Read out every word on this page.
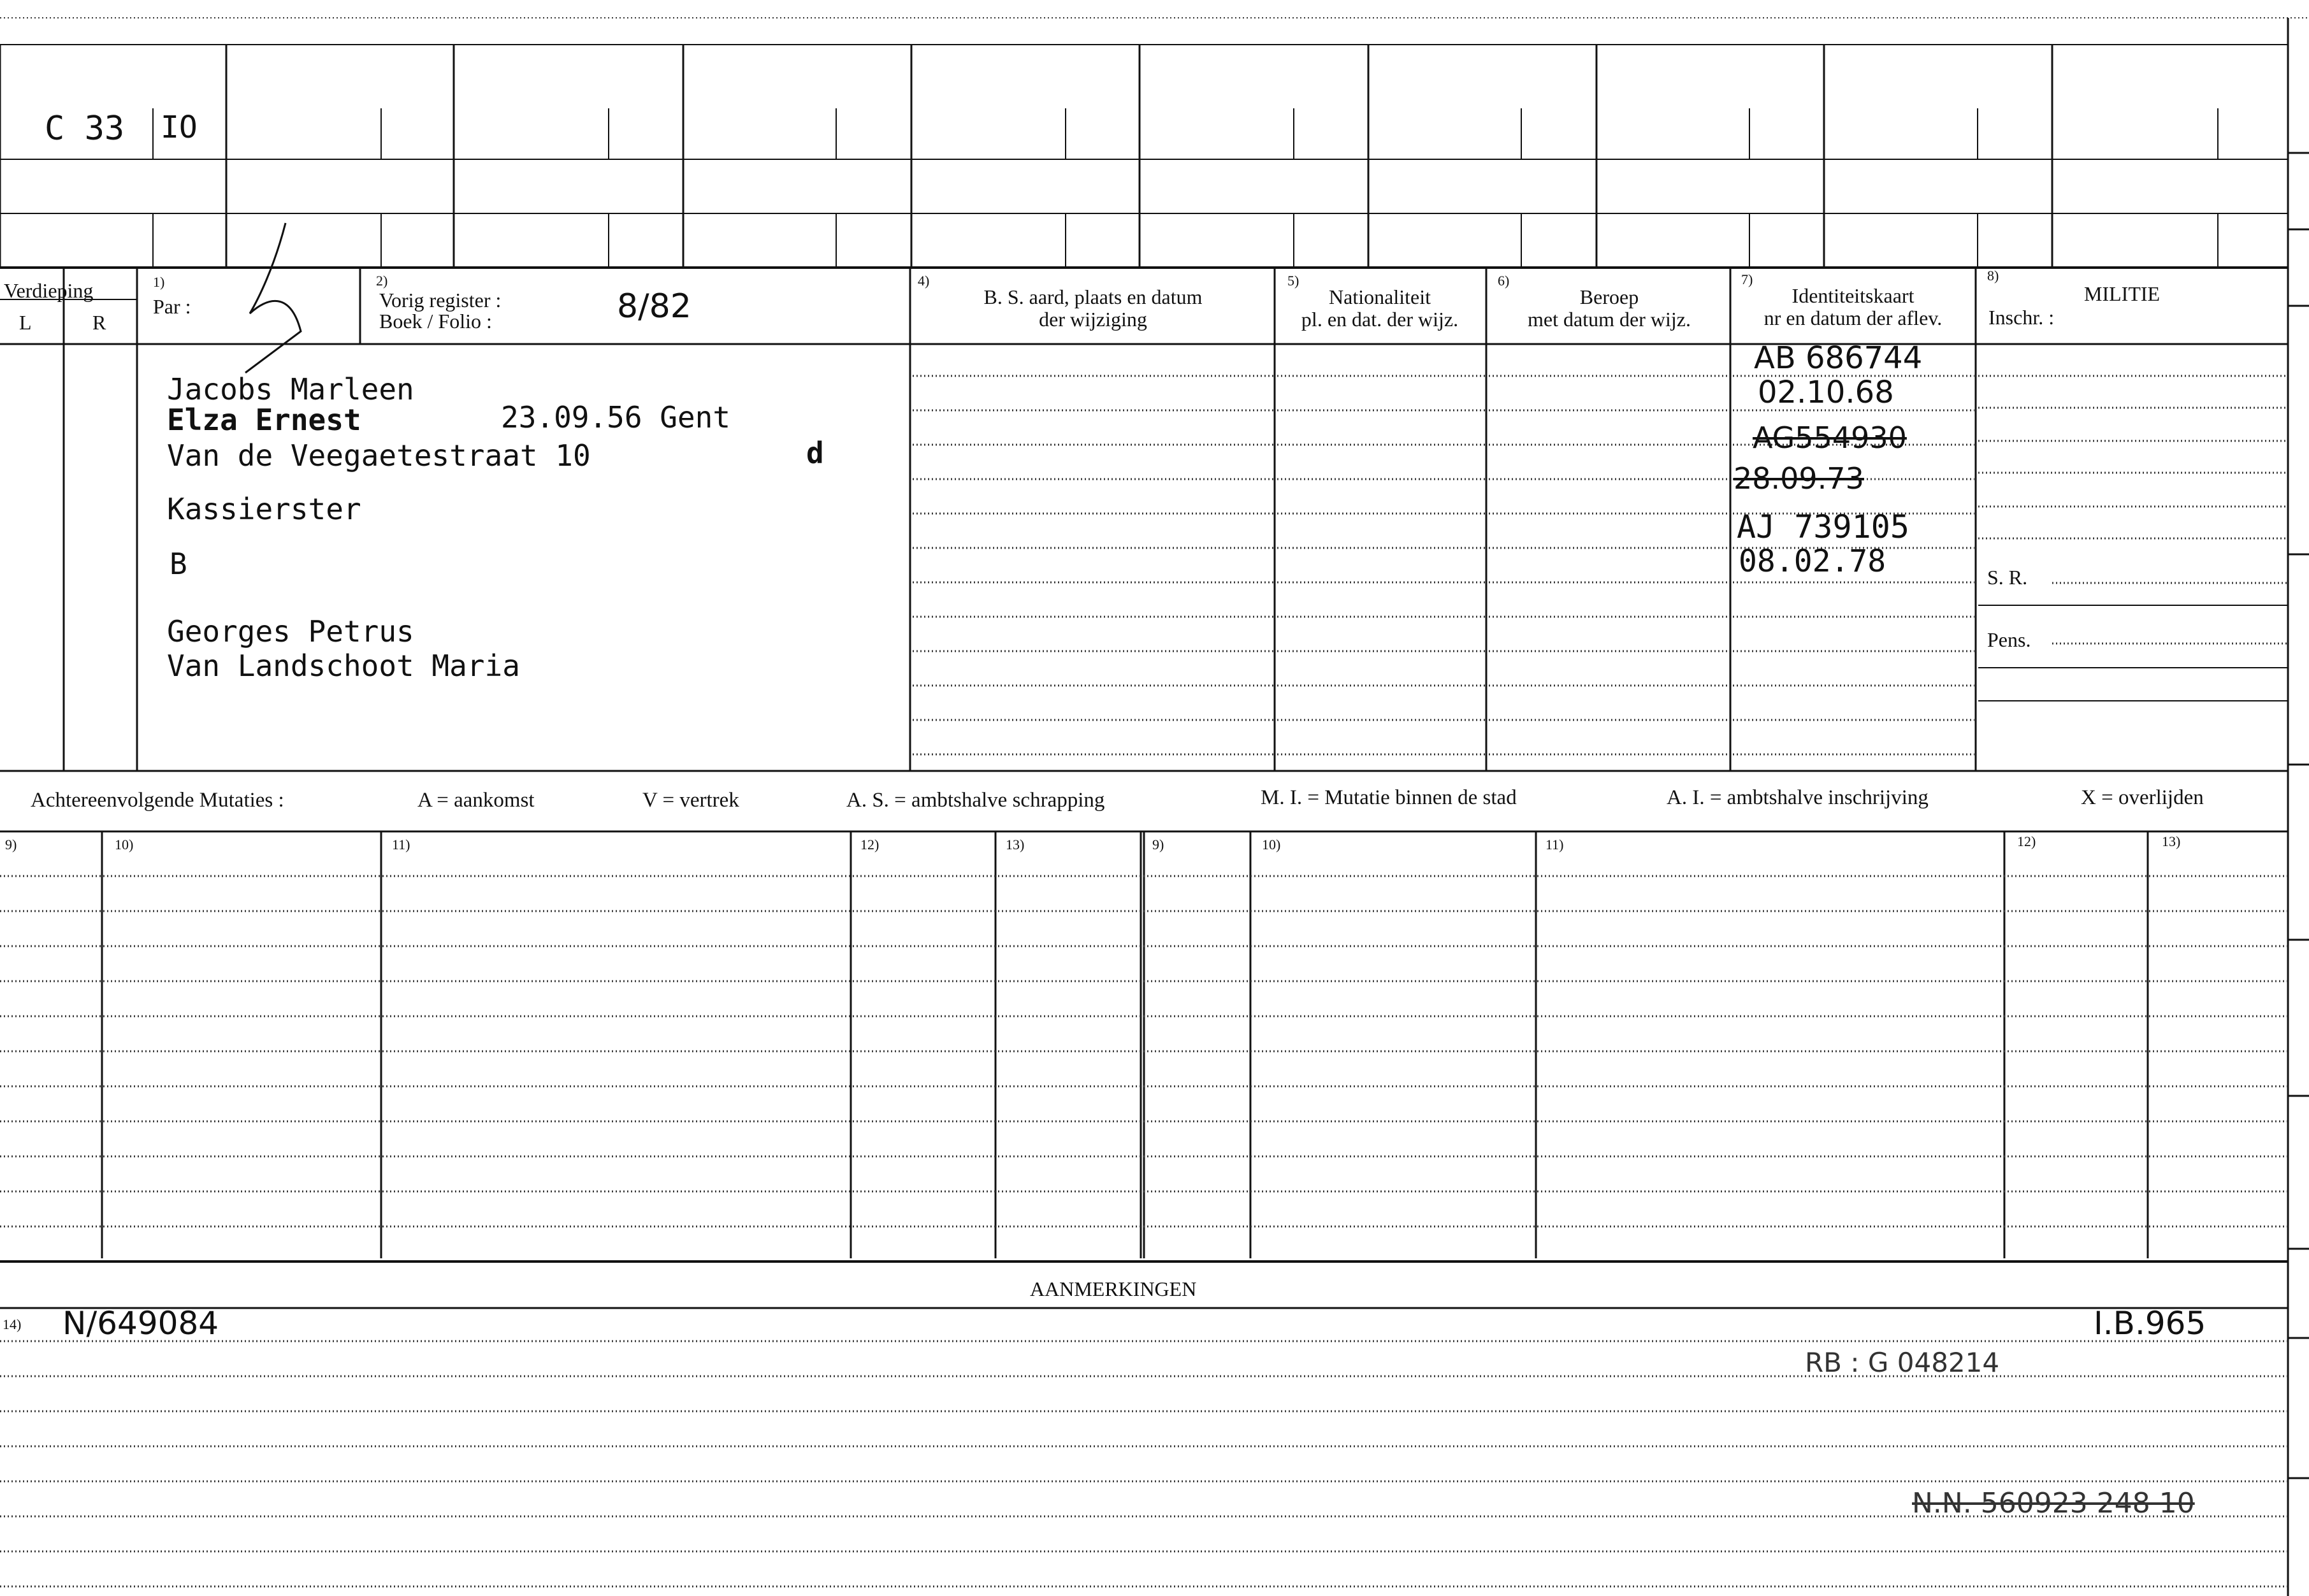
C 33 IO
Verdieping
L	R
1)
Par :
2)
Vorig register :
Boek / Folio :	8/82
4)
B. S. aard, plaats en datum
der wijziging
5)
Nationaliteit
pl. en dat. der wijz.
6)
Beroep
met datum der wijz.
7)
Identiteitskaart
nr en datum der aflev.
8)
MILITIE
Inschr. :
S. R.
Pens.
Jacobs Marleen
Elza Ernest	23.09.56 Gent
Van de Veegaetestraat 10	d
Kassierster
B
Georges Petrus
Van Landschoot Maria
AB 686744
02.10.68
AG554930
28.09.73
AJ 739105
08.02.78
Achtereenvolgende Mutaties :	A = aankomst	V = vertrek	A. S. = ambtshalve schrapping	M. I. = Mutatie binnen de stad	A. I. = ambtshalve inschrijving	X = overlijden
9)	10)	11)	12)	13)	9)	10)	11)	12)	13)
AANMERKINGEN
14) N/649084	I.B.965
RB : G 048214
N.N. 560923 248 10
